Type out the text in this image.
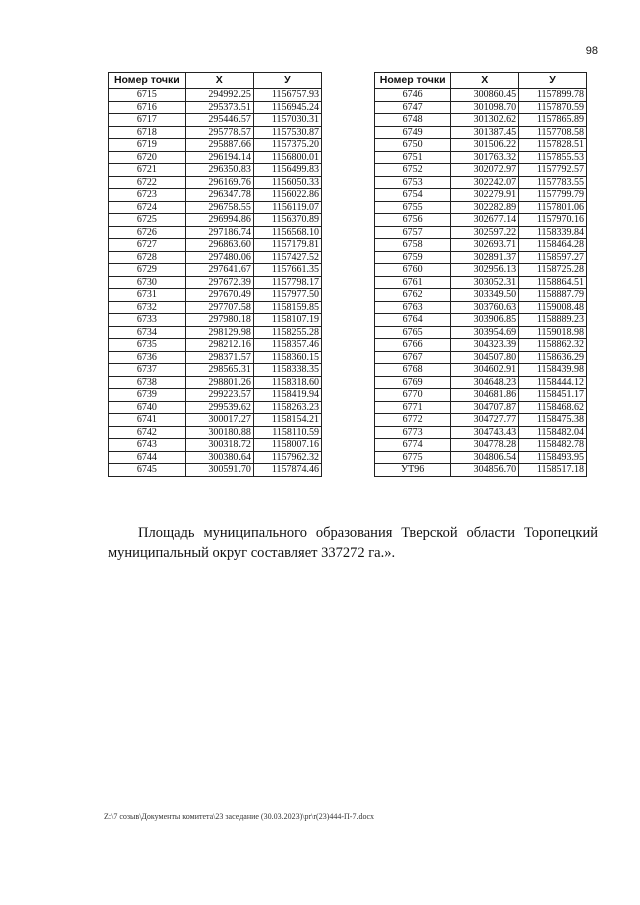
98
Номер точки	X	У
6715	294992.25	1156757.93
6716	295373.51	1156945.24
6717	295446.57	1157030.31
6718	295778.57	1157530.87
6719	295887.66	1157375.20
6720	296194.14	1156800.01
6721	296350.83	1156499.83
6722	296169.76	1156050.33
6723	296347.78	1156022.86
6724	296758.55	1156119.07
6725	296994.86	1156370.89
6726	297186.74	1156568.10
6727	296863.60	1157179.81
6728	297480.06	1157427.52
6729	297641.67	1157661.35
6730	297672.39	1157798.17
6731	297670.49	1157977.50
6732	297707.58	1158159.85
6733	297980.18	1158107.19
6734	298129.98	1158255.28
6735	298212.16	1158357.46
6736	298371.57	1158360.15
6737	298565.31	1158338.35
6738	298801.26	1158318.60
6739	299223.57	1158419.94
6740	299539.62	1158263.23
6741	300017.27	1158154.21
6742	300180.88	1158110.59
6743	300318.72	1158007.16
6744	300380.64	1157962.32
6745	300591.70	1157874.46
Номер точки	X	У
6746	300860.45	1157899.78
6747	301098.70	1157870.59
6748	301302.62	1157865.89
6749	301387.45	1157708.58
6750	301506.22	1157828.51
6751	301763.32	1157855.53
6752	302072.97	1157792.57
6753	302242.07	1157783.55
6754	302279.91	1157799.79
6755	302282.89	1157801.06
6756	302677.14	1157970.16
6757	302597.22	1158339.84
6758	302693.71	1158464.28
6759	302891.37	1158597.27
6760	302956.13	1158725.28
6761	303052.31	1158864.51
6762	303349.50	1158887.79
6763	303760.63	1159008.48
6764	303906.85	1158889.23
6765	303954.69	1159018.98
6766	304323.39	1158862.32
6767	304507.80	1158636.29
6768	304602.91	1158439.98
6769	304648.23	1158444.12
6770	304681.86	1158451.17
6771	304707.87	1158468.62
6772	304727.77	1158475.38
6773	304743.43	1158482.04
6774	304778.28	1158482.78
6775	304806.54	1158493.95
УТ96	304856.70	1158517.18
Площадь муниципального образования Тверской области Торопецкий муниципальный округ составляет 337272 га.».
Z:\7 созыв\Документы комитета\23 заседание (30.03.2023)\pr\r(23)444-П-7.docx
